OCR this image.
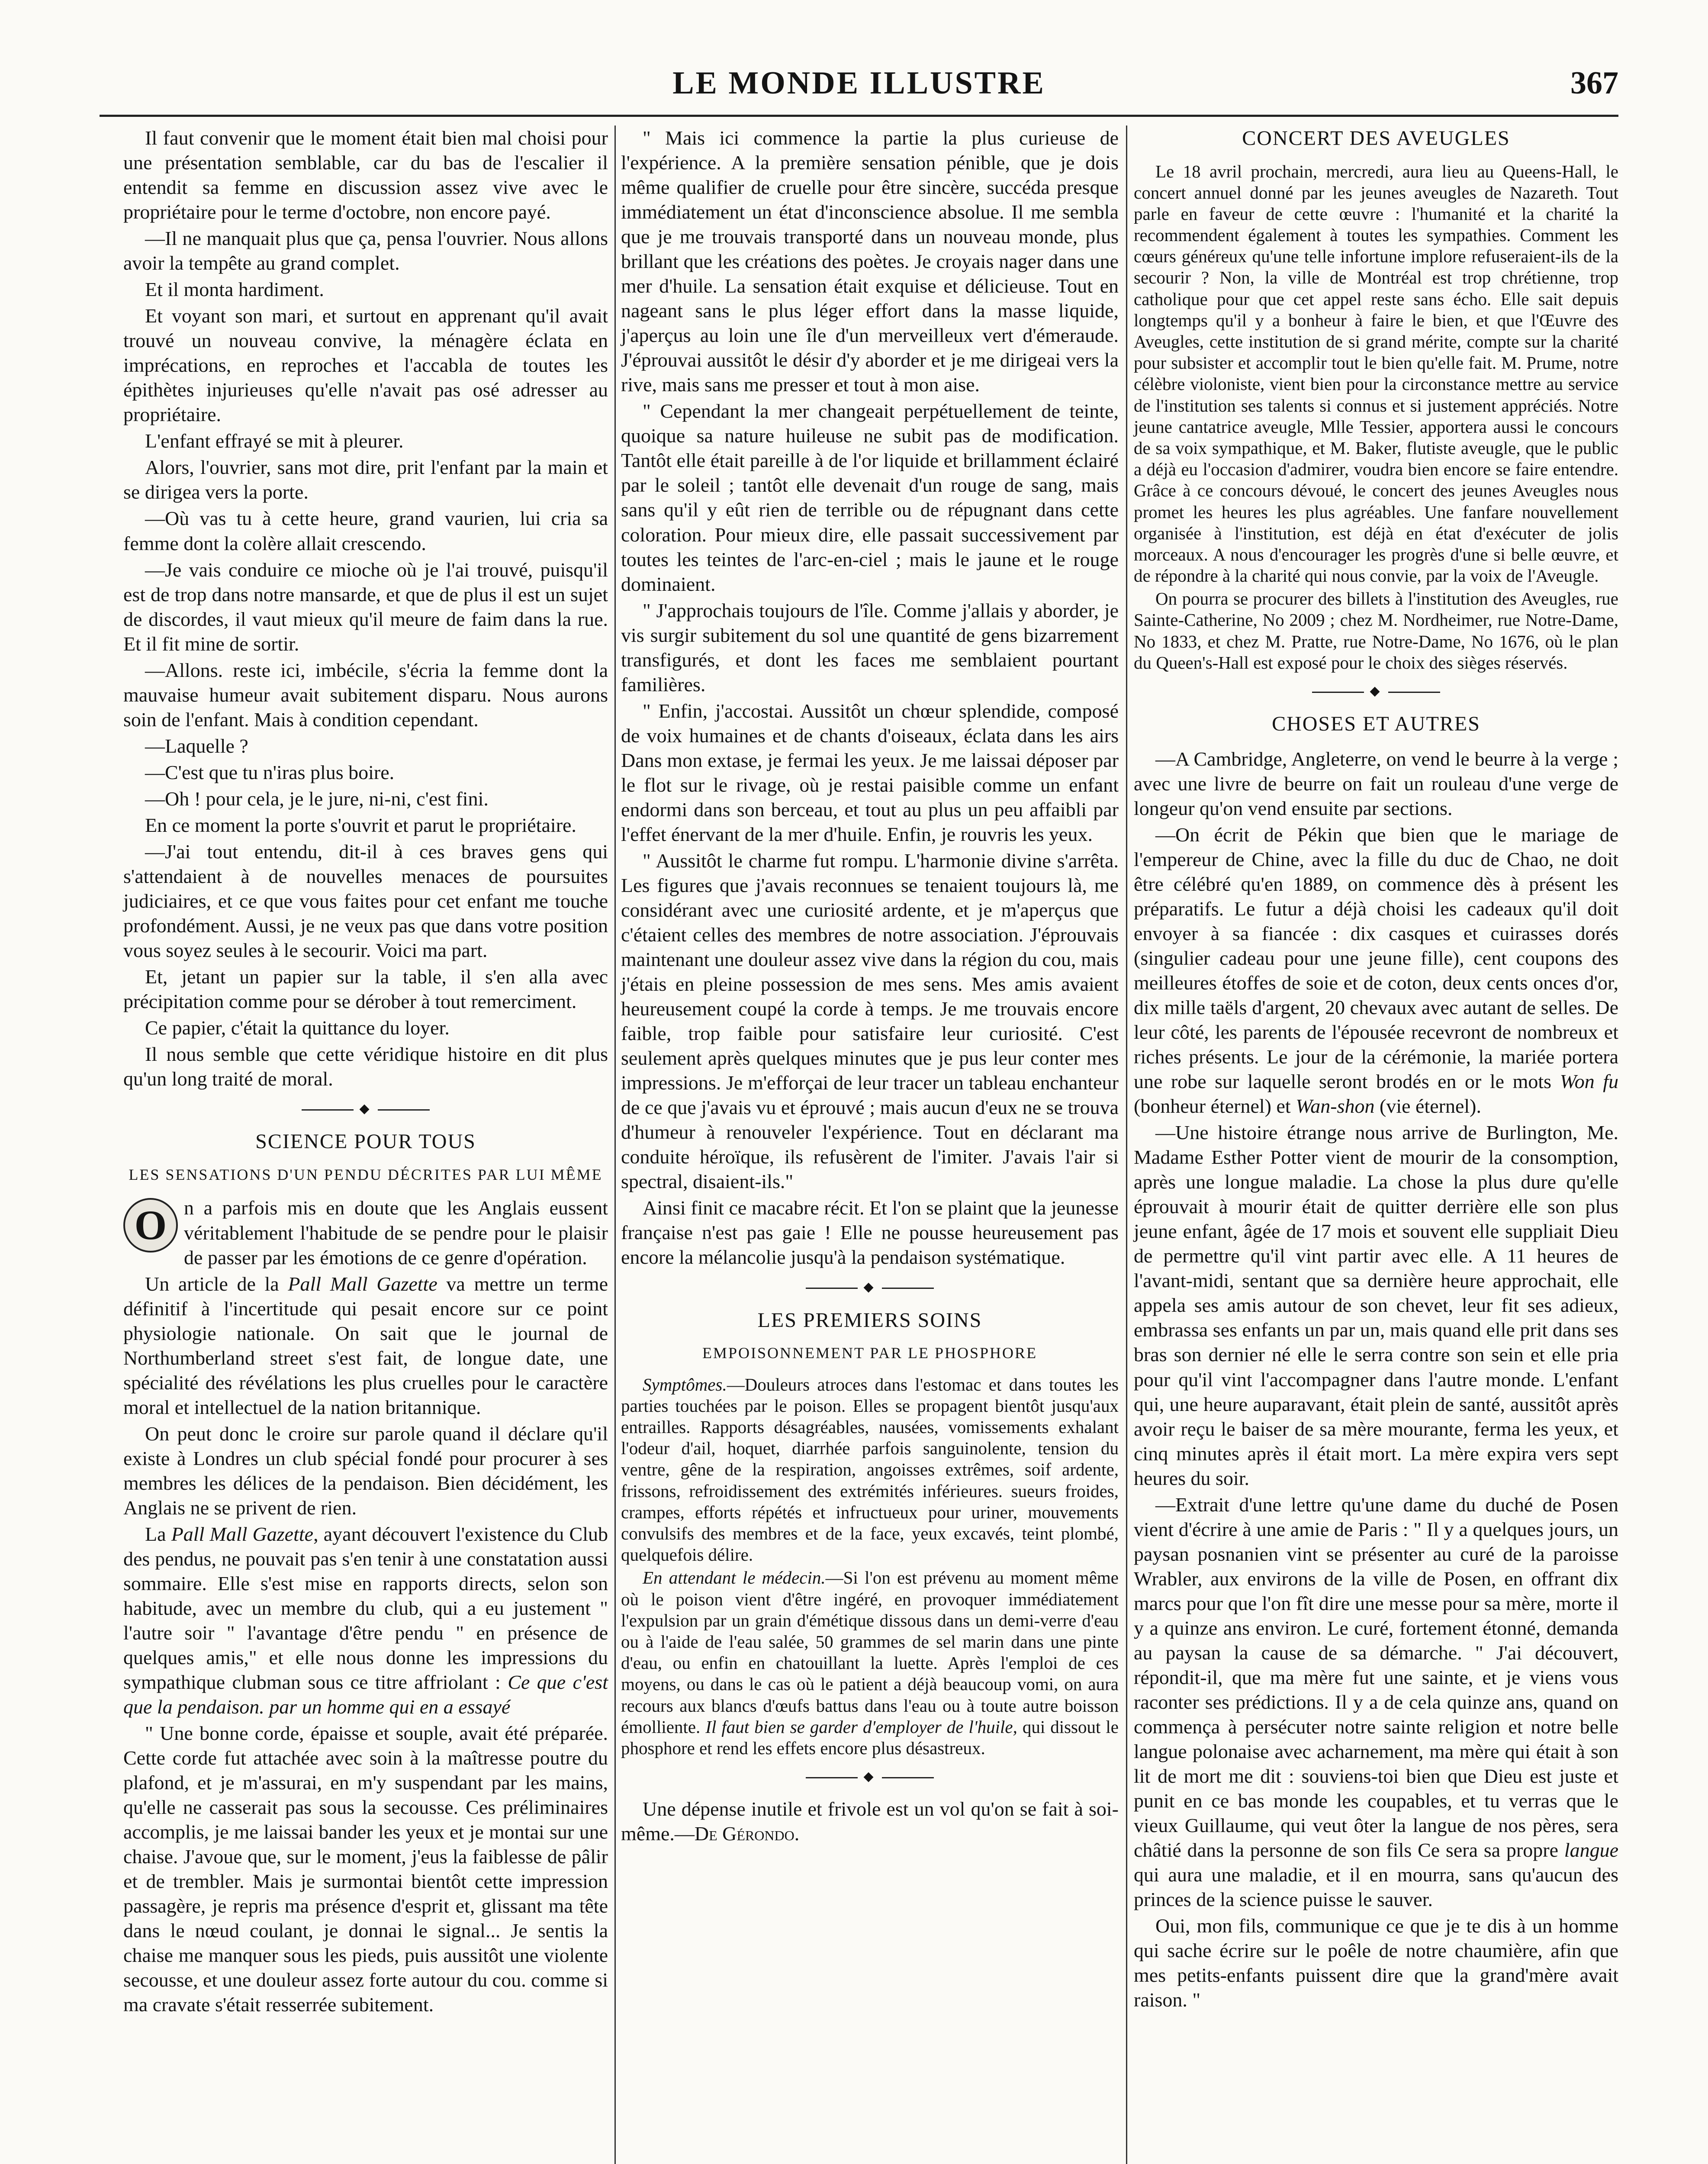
LE MONDE ILLUSTRE	367

Il faut convenir que le moment était bien mal choisi pour une présentation semblable, car du bas de l'escalier il entendit sa femme en discussion assez vive avec le propriétaire pour le terme d'octobre, non encore payé.

—Il ne manquait plus que ça, pensa l'ouvrier. Nous allons avoir la tempête au grand complet.

Et il monta hardiment.

Et voyant son mari, et surtout en apprenant qu'il avait trouvé un nouveau convive, la ménagère éclata en imprécations, en reproches et l'accabla de toutes les épithètes injurieuses qu'elle n'avait pas osé adresser au propriétaire.

L'enfant effrayé se mit à pleurer.

Alors, l'ouvrier, sans mot dire, prit l'enfant par la main et se dirigea vers la porte.

—Où vas tu à cette heure, grand vaurien, lui cria sa femme dont la colère allait crescendo.

—Je vais conduire ce mioche où je l'ai trouvé, puisqu'il est de trop dans notre mansarde, et que de plus il est un sujet de discordes, il vaut mieux qu'il meure de faim dans la rue. Et il fit mine de sortir.

—Allons. reste ici, imbécile, s'écria la femme dont la mauvaise humeur avait subitement disparu. Nous aurons soin de l'enfant. Mais à condition cependant.

—Laquelle ?

—C'est que tu n'iras plus boire.

—Oh ! pour cela, je le jure, ni-ni, c'est fini.

En ce moment la porte s'ouvrit et parut le propriétaire.

—J'ai tout entendu, dit-il à ces braves gens qui s'attendaient à de nouvelles menaces de poursuites judiciaires, et ce que vous faites pour cet enfant me touche profondément. Aussi, je ne veux pas que dans votre position vous soyez seules à le secourir. Voici ma part.

Et, jetant un papier sur la table, il s'en alla avec précipitation comme pour se dérober à tout remerciment.

Ce papier, c'était la quittance du loyer.

Il nous semble que cette véridique histoire en dit plus qu'un long traité de moral.

◆
SCIENCE POUR TOUS
LES SENSATIONS D'UN PENDU DÉCRITES PAR LUI MÊME

O n a parfois mis en doute que les Anglais eussent véritablement l'habitude de se pendre pour le plaisir de passer par les émotions de ce genre d'opération.

Un article de la Pall Mall Gazette va mettre un terme définitif à l'incertitude qui pesait encore sur ce point physiologie nationale. On sait que le journal de Northumberland street s'est fait, de longue date, une spécialité des révélations les plus cruelles pour le caractère moral et intellectuel de la nation britannique.

On peut donc le croire sur parole quand il déclare qu'il existe à Londres un club spécial fondé pour procurer à ses membres les délices de la pendaison. Bien décidément, les Anglais ne se privent de rien.

La Pall Mall Gazette, ayant découvert l'existence du Club des pendus, ne pouvait pas s'en tenir à une constatation aussi sommaire. Elle s'est mise en rapports directs, selon son habitude, avec un membre du club, qui a eu justement " l'autre soir " l'avantage d'être pendu " en présence de quelques amis," et elle nous donne les impressions du sympathique clubman sous ce titre affriolant : Ce que c'est que la pendaison. par un homme qui en a essayé

" Une bonne corde, épaisse et souple, avait été préparée. Cette corde fut attachée avec soin à la maîtresse poutre du plafond, et je m'assurai, en m'y suspendant par les mains, qu'elle ne casserait pas sous la secousse. Ces préliminaires accomplis, je me laissai bander les yeux et je montai sur une chaise. J'avoue que, sur le moment, j'eus la faiblesse de pâlir et de trembler. Mais je surmontai bientôt cette impression passagère, je repris ma présence d'esprit et, glissant ma tête dans le nœud coulant, je donnai le signal... Je sentis la chaise me manquer sous les pieds, puis aussitôt une violente secousse, et une douleur assez forte autour du cou. comme si ma cravate s'était resserrée subitement.

" Mais ici commence la partie la plus curieuse de l'expérience. A la première sensation pénible, que je dois même qualifier de cruelle pour être sincère, succéda presque immédiatement un état d'inconscience absolue. Il me sembla que je me trouvais transporté dans un nouveau monde, plus brillant que les créations des poètes. Je croyais nager dans une mer d'huile. La sensation était exquise et délicieuse. Tout en nageant sans le plus léger effort dans la masse liquide, j'aperçus au loin une île d'un merveilleux vert d'émeraude. J'éprouvai aussitôt le désir d'y aborder et je me dirigeai vers la rive, mais sans me presser et tout à mon aise.

" Cependant la mer changeait perpétuellement de teinte, quoique sa nature huileuse ne subit pas de modification. Tantôt elle était pareille à de l'or liquide et brillamment éclairé par le soleil ; tantôt elle devenait d'un rouge de sang, mais sans qu'il y eût rien de terrible ou de répugnant dans cette coloration. Pour mieux dire, elle passait successivement par toutes les teintes de l'arc-en-ciel ; mais le jaune et le rouge dominaient.

" J'approchais toujours de l'île. Comme j'allais y aborder, je vis surgir subitement du sol une quantité de gens bizarrement transfigurés, et dont les faces me semblaient pourtant familières.

" Enfin, j'accostai. Aussitôt un chœur splendide, composé de voix humaines et de chants d'oiseaux, éclata dans les airs Dans mon extase, je fermai les yeux. Je me laissai déposer par le flot sur le rivage, où je restai paisible comme un enfant endormi dans son berceau, et tout au plus un peu affaibli par l'effet énervant de la mer d'huile. Enfin, je rouvris les yeux.

" Aussitôt le charme fut rompu. L'harmonie divine s'arrêta. Les figures que j'avais reconnues se tenaient toujours là, me considérant avec une curiosité ardente, et je m'aperçus que c'étaient celles des membres de notre association. J'éprouvais maintenant une douleur assez vive dans la région du cou, mais j'étais en pleine possession de mes sens. Mes amis avaient heureusement coupé la corde à temps. Je me trouvais encore faible, trop faible pour satisfaire leur curiosité. C'est seulement après quelques minutes que je pus leur conter mes impressions. Je m'efforçai de leur tracer un tableau enchanteur de ce que j'avais vu et éprouvé ; mais aucun d'eux ne se trouva d'humeur à renouveler l'expérience. Tout en déclarant ma conduite héroïque, ils refusèrent de l'imiter. J'avais l'air si spectral, disaient-ils."

Ainsi finit ce macabre récit. Et l'on se plaint que la jeunesse française n'est pas gaie ! Elle ne pousse heureusement pas encore la mélancolie jusqu'à la pendaison systématique.

◆
LES PREMIERS SOINS
EMPOISONNEMENT PAR LE PHOSPHORE

Symptômes.—Douleurs atroces dans l'estomac et dans toutes les parties touchées par le poison. Elles se propagent bientôt jusqu'aux entrailles. Rapports désagréables, nausées, vomissements exhalant l'odeur d'ail, hoquet, diarrhée parfois sanguinolente, tension du ventre, gêne de la respiration, angoisses extrêmes, soif ardente, frissons, refroidissement des extrémités inférieures. sueurs froides, crampes, efforts répétés et infructueux pour uriner, mouvements convulsifs des membres et de la face, yeux excavés, teint plombé, quelquefois délire.

En attendant le médecin.—Si l'on est prévenu au moment même où le poison vient d'être ingéré, en provoquer immédiatement l'expulsion par un grain d'émétique dissous dans un demi-verre d'eau ou à l'aide de l'eau salée, 50 grammes de sel marin dans une pinte d'eau, ou enfin en chatouillant la luette. Après l'emploi de ces moyens, ou dans le cas où le patient a déjà beaucoup vomi, on aura recours aux blancs d'œufs battus dans l'eau ou à toute autre boisson émolliente. Il faut bien se garder d'employer de l'huile, qui dissout le phosphore et rend les effets encore plus désastreux.

◆

Une dépense inutile et frivole est un vol qu'on se fait à soi-même.—De Gérondo.

CONCERT DES AVEUGLES

Le 18 avril prochain, mercredi, aura lieu au Queens-Hall, le concert annuel donné par les jeunes aveugles de Nazareth. Tout parle en faveur de cette œuvre : l'humanité et la charité la recommendent également à toutes les sympathies. Comment les cœurs généreux qu'une telle infortune implore refuseraient-ils de la secourir ? Non, la ville de Montréal est trop chrétienne, trop catholique pour que cet appel reste sans écho. Elle sait depuis longtemps qu'il y a bonheur à faire le bien, et que l'Œuvre des Aveugles, cette institution de si grand mérite, compte sur la charité pour subsister et accomplir tout le bien qu'elle fait. M. Prume, notre célèbre violoniste, vient bien pour la circonstance mettre au service de l'institution ses talents si connus et si justement appréciés. Notre jeune cantatrice aveugle, Mlle Tessier, apportera aussi le concours de sa voix sympathique, et M. Baker, flutiste aveugle, que le public a déjà eu l'occasion d'admirer, voudra bien encore se faire entendre. Grâce à ce concours dévoué, le concert des jeunes Aveugles nous promet les heures les plus agréables. Une fanfare nouvellement organisée à l'institution, est déjà en état d'exécuter de jolis morceaux. A nous d'encourager les progrès d'une si belle œuvre, et de répondre à la charité qui nous convie, par la voix de l'Aveugle.

On pourra se procurer des billets à l'institution des Aveugles, rue Sainte-Catherine, No 2009 ; chez M. Nordheimer, rue Notre-Dame, No 1833, et chez M. Pratte, rue Notre-Dame, No 1676, où le plan du Queen's-Hall est exposé pour le choix des sièges réservés.

◆
CHOSES ET AUTRES

—A Cambridge, Angleterre, on vend le beurre à la verge ; avec une livre de beurre on fait un rouleau d'une verge de longeur qu'on vend ensuite par sections.

—On écrit de Pékin que bien que le mariage de l'empereur de Chine, avec la fille du duc de Chao, ne doit être célébré qu'en 1889, on commence dès à présent les préparatifs. Le futur a déjà choisi les cadeaux qu'il doit envoyer à sa fiancée : dix casques et cuirasses dorés (singulier cadeau pour une jeune fille), cent coupons des meilleures étoffes de soie et de coton, deux cents onces d'or, dix mille taëls d'argent, 20 chevaux avec autant de selles. De leur côté, les parents de l'épousée recevront de nombreux et riches présents. Le jour de la cérémonie, la mariée portera une robe sur laquelle seront brodés en or le mots Won fu (bonheur éternel) et Wan-shon (vie éternel).

—Une histoire étrange nous arrive de Burlington, Me. Madame Esther Potter vient de mourir de la consomption, après une longue maladie. La chose la plus dure qu'elle éprouvait à mourir était de quitter derrière elle son plus jeune enfant, âgée de 17 mois et souvent elle suppliait Dieu de permettre qu'il vint partir avec elle. A 11 heures de l'avant-midi, sentant que sa dernière heure approchait, elle appela ses amis autour de son chevet, leur fit ses adieux, embrassa ses enfants un par un, mais quand elle prit dans ses bras son dernier né elle le serra contre son sein et elle pria pour qu'il vint l'accompagner dans l'autre monde. L'enfant qui, une heure auparavant, était plein de santé, aussitôt après avoir reçu le baiser de sa mère mourante, ferma les yeux, et cinq minutes après il était mort. La mère expira vers sept heures du soir.

—Extrait d'une lettre qu'une dame du duché de Posen vient d'écrire à une amie de Paris : " Il y a quelques jours, un paysan posnanien vint se présenter au curé de la paroisse Wrabler, aux environs de la ville de Posen, en offrant dix marcs pour que l'on fît dire une messe pour sa mère, morte il y a quinze ans environ. Le curé, fortement étonné, demanda au paysan la cause de sa démarche. " J'ai découvert, répondit-il, que ma mère fut une sainte, et je viens vous raconter ses prédictions. Il y a de cela quinze ans, quand on commença à persécuter notre sainte religion et notre belle langue polonaise avec acharnement, ma mère qui était à son lit de mort me dit : souviens-toi bien que Dieu est juste et punit en ce bas monde les coupables, et tu verras que le vieux Guillaume, qui veut ôter la langue de nos pères, sera châtié dans la personne de son fils Ce sera sa propre langue qui aura une maladie, et il en mourra, sans qu'aucun des princes de la science puisse le sauver.

Oui, mon fils, communique ce que je te dis à un homme qui sache écrire sur le poêle de notre chaumière, afin que mes petits-enfants puissent dire que la grand'mère avait raison. "
